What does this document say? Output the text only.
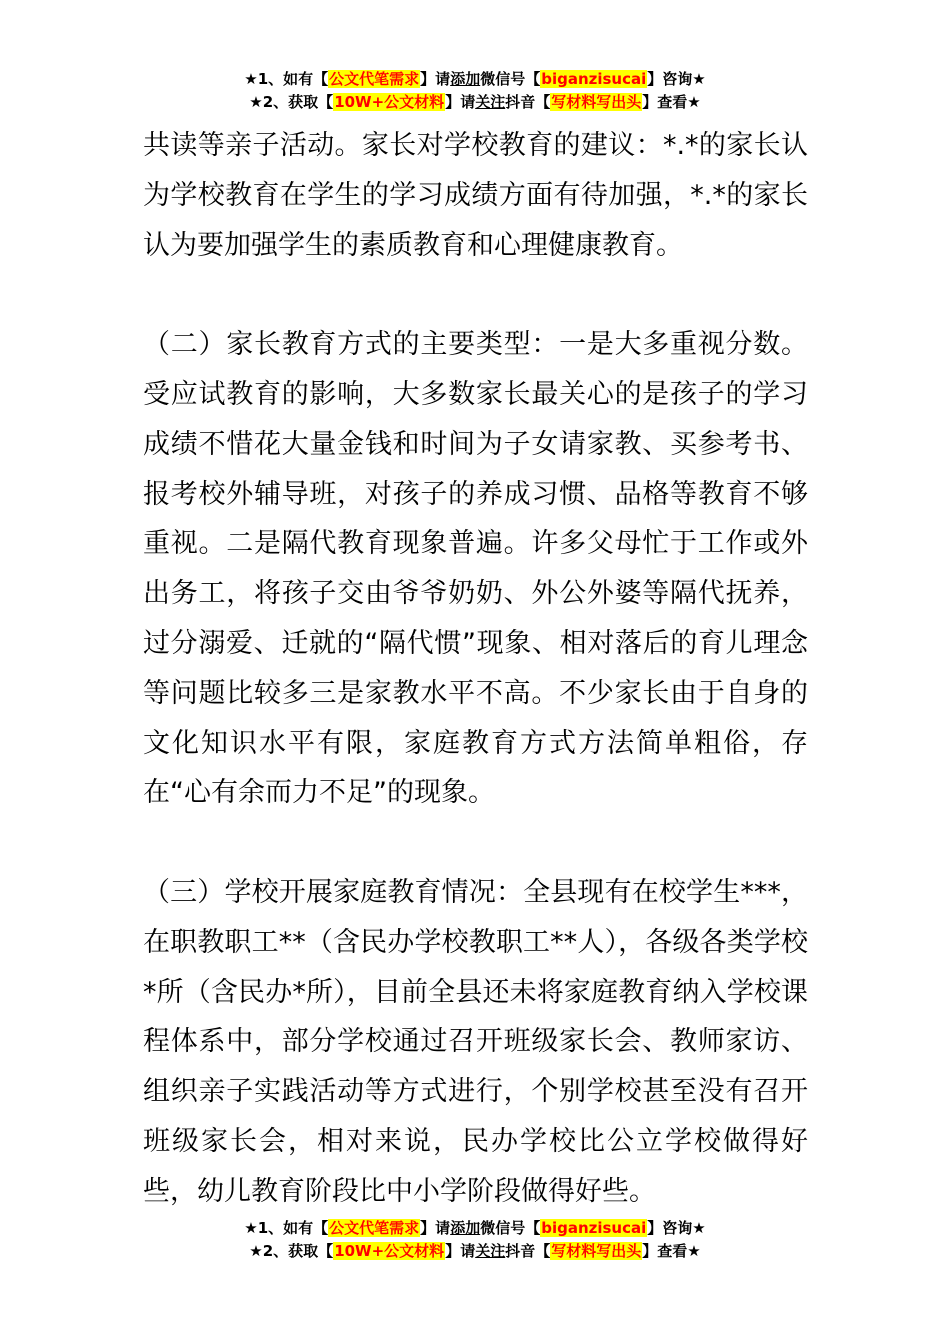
★1、如有【公文代笔需求】请添加微信号【biganzisucai】咨询★
★2、获取【10W+公文材料】请关注抖音【写材料写出头】查看★

共读等亲子活动。家长对学校教育的建议：*.*的家长认为学校教育在学生的学习成绩方面有待加强，*.*的家长认为要加强学生的素质教育和心理健康教育。

（二）家长教育方式的主要类型：一是大多重视分数。受应试教育的影响，大多数家长最关心的是孩子的学习成绩不惜花大量金钱和时间为子女请家教、买参考书、报考校外辅导班，对孩子的养成习惯、品格等教育不够重视。二是隔代教育现象普遍。许多父母忙于工作或外出务工，将孩子交由爷爷奶奶、外公外婆等隔代抚养，过分溺爱、迁就的“隔代惯”现象、相对落后的育儿理念等问题比较多三是家教水平不高。不少家长由于自身的文化知识水平有限，家庭教育方式方法简单粗俗，存在“心有余而力不足”的现象。

（三）学校开展家庭教育情况：全县现有在校学生***，在职教职工**（含民办学校教职工**人），各级各类学校*所（含民办*所），目前全县还未将家庭教育纳入学校课程体系中，部分学校通过召开班级家长会、教师家访、组织亲子实践活动等方式进行，个别学校甚至没有召开班级家长会，相对来说，民办学校比公立学校做得好些，幼儿教育阶段比中小学阶段做得好些。

★1、如有【公文代笔需求】请添加微信号【biganzisucai】咨询★
★2、获取【10W+公文材料】请关注抖音【写材料写出头】查看★
